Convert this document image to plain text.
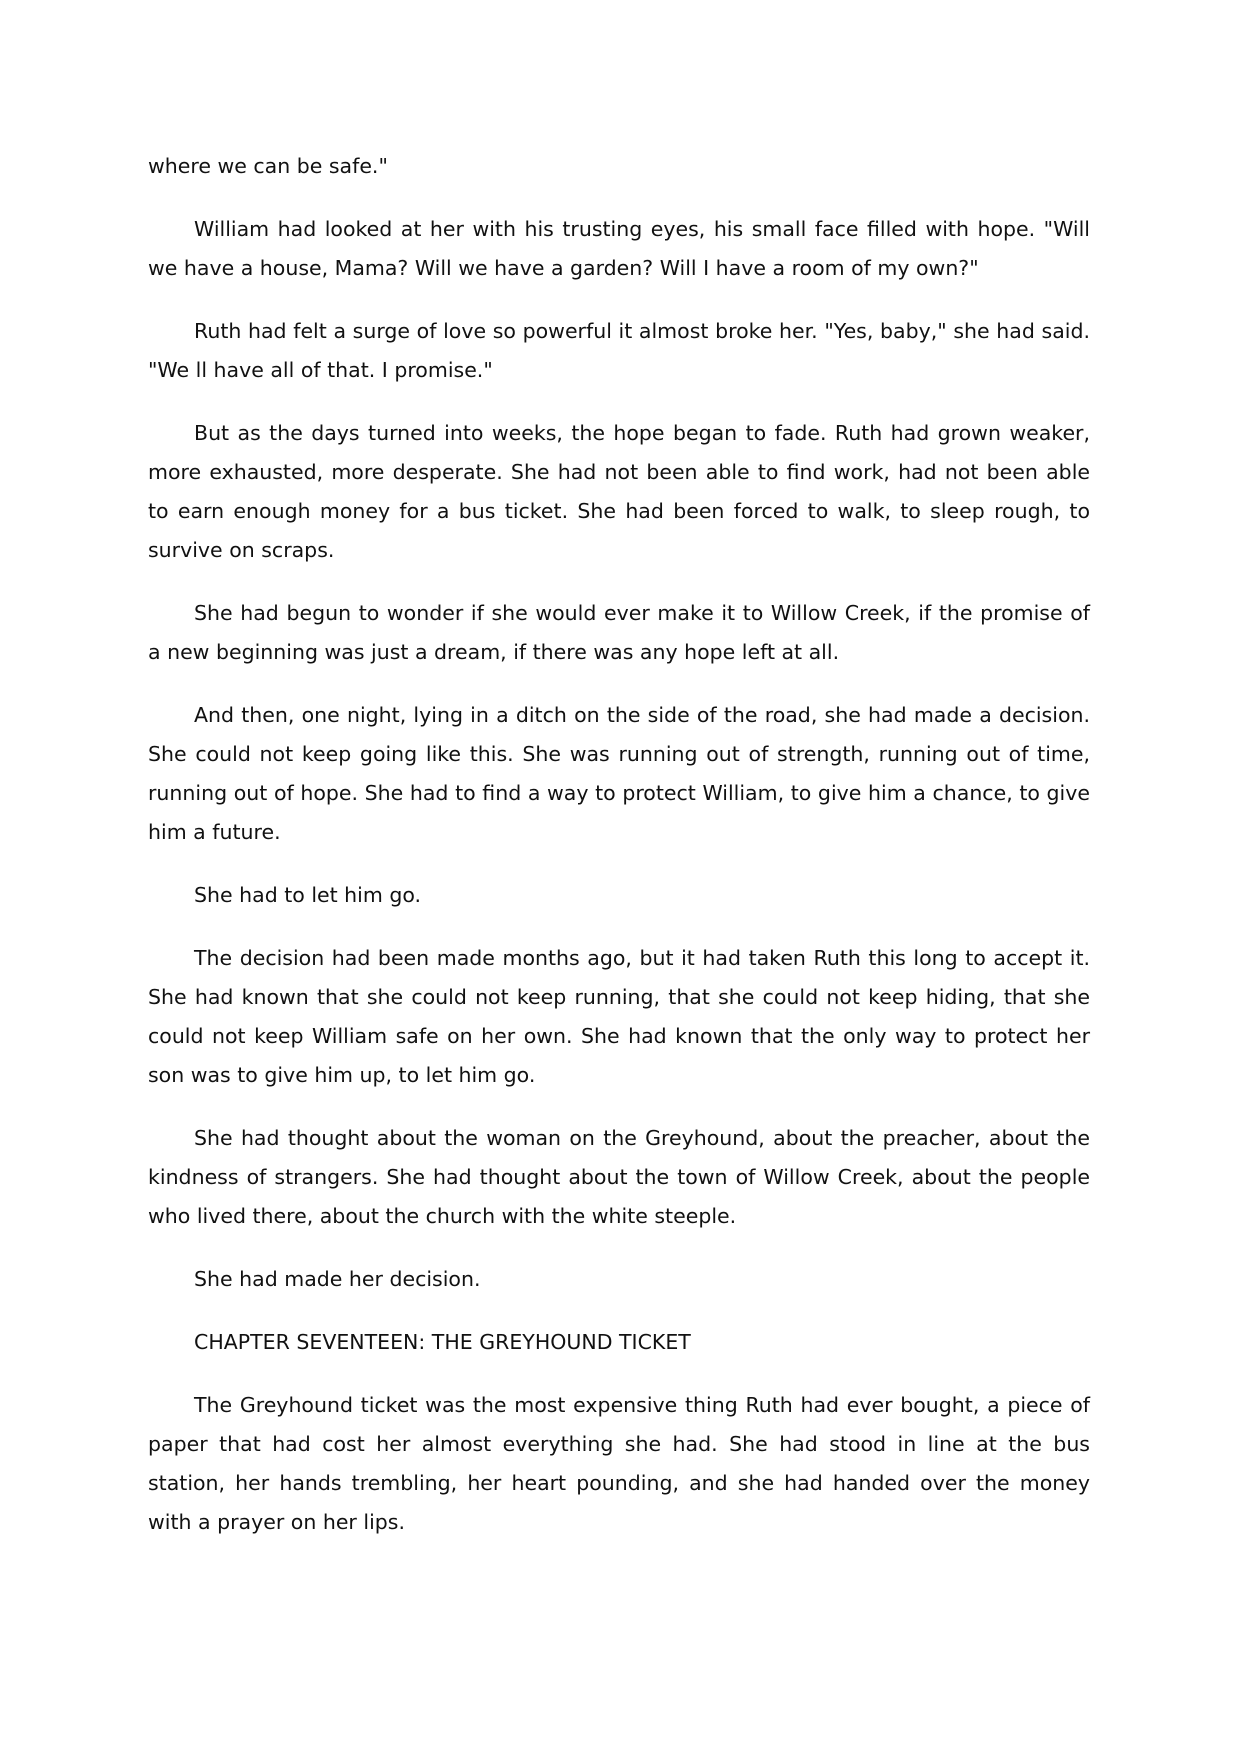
where we can be safe."

William had looked at her with his trusting eyes, his small face filled with hope. "Will we have a house, Mama? Will we have a garden? Will I have a room of my own?"

Ruth had felt a surge of love so powerful it almost broke her. "Yes, baby," she had said. "We ll have all of that. I promise."

But as the days turned into weeks, the hope began to fade. Ruth had grown weaker, more exhausted, more desperate. She had not been able to find work, had not been able to earn enough money for a bus ticket. She had been forced to walk, to sleep rough, to survive on scraps.

She had begun to wonder if she would ever make it to Willow Creek, if the promise of a new beginning was just a dream, if there was any hope left at all.

And then, one night, lying in a ditch on the side of the road, she had made a decision. She could not keep going like this. She was running out of strength, running out of time, running out of hope. She had to find a way to protect William, to give him a chance, to give him a future.

She had to let him go.

The decision had been made months ago, but it had taken Ruth this long to accept it. She had known that she could not keep running, that she could not keep hiding, that she could not keep William safe on her own. She had known that the only way to protect her son was to give him up, to let him go.

She had thought about the woman on the Greyhound, about the preacher, about the kindness of strangers. She had thought about the town of Willow Creek, about the people who lived there, about the church with the white steeple.

She had made her decision.

CHAPTER SEVENTEEN: THE GREYHOUND TICKET

The Greyhound ticket was the most expensive thing Ruth had ever bought, a piece of paper that had cost her almost everything she had. She had stood in line at the bus station, her hands trembling, her heart pounding, and she had handed over the money with a prayer on her lips.
